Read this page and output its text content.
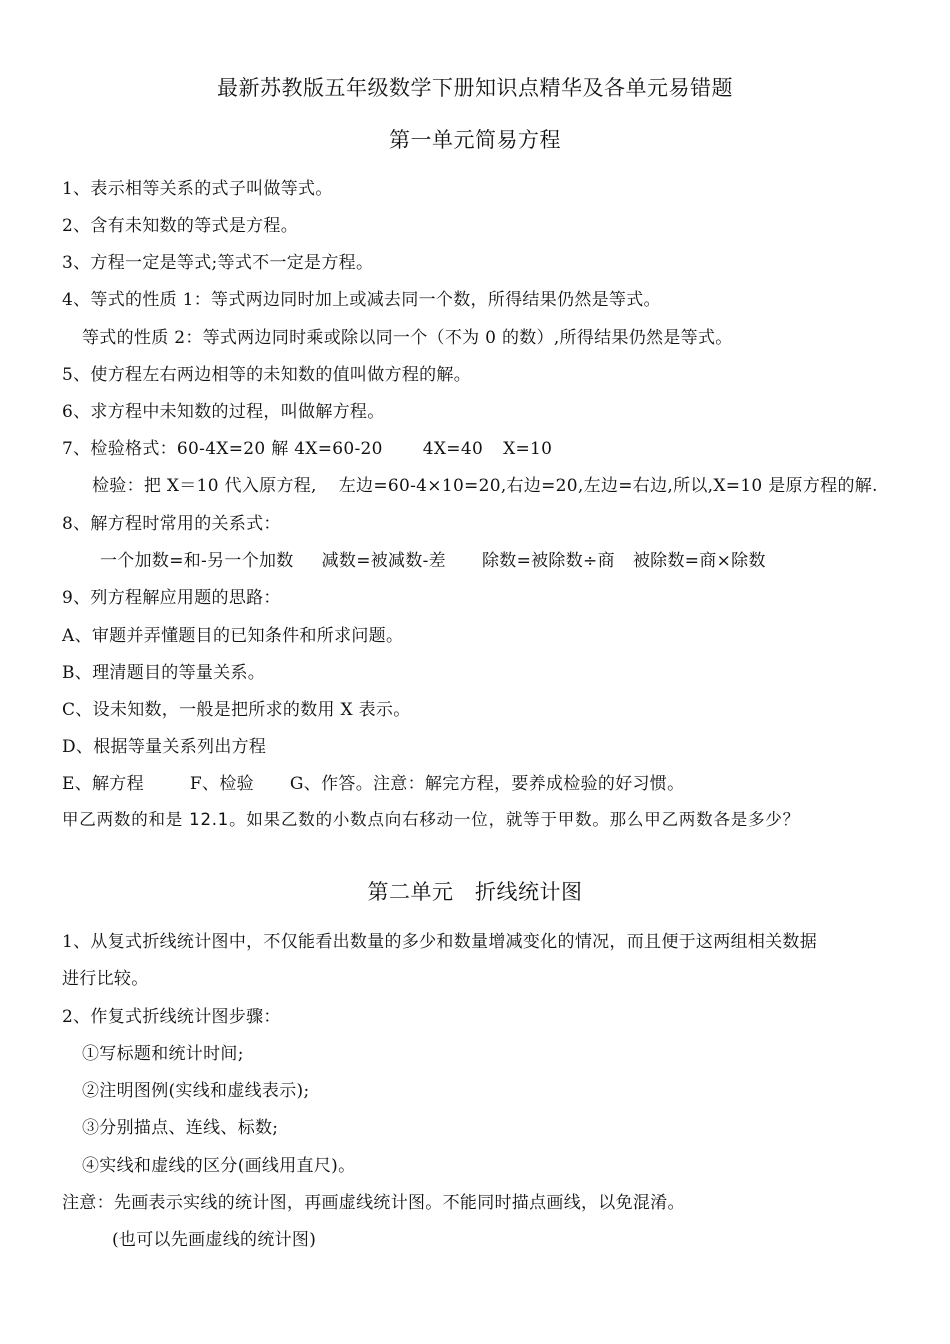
最新苏教版五年级数学下册知识点精华及各单元易错题
第一单元简易方程
1、表示相等关系的式子叫做等式。
2、含有未知数的等式是方程。
3、方程一定是等式;等式不一定是方程。
4、等式的性质 1：等式两边同时加上或减去同一个数，所得结果仍然是等式。
等式的性质 2：等式两边同时乘或除以同一个（不为 0 的数）,所得结果仍然是等式。
5、使方程左右两边相等的未知数的值叫做方程的解。
6、求方程中未知数的过程，叫做解方程。
7、检验格式：60-4X=20 解 4X=60-20 4X=40 X=10
检验：把 X＝10 代入原方程, 左边=60-4×10=20,右边=20,左边=右边,所以,X=10 是原方程的解.
8、解方程时常用的关系式：
一个加数=和-另一个加数 减数=被减数-差 除数=被除数÷商 被除数=商×除数
9、列方程解应用题的思路：
A、审题并弄懂题目的已知条件和所求问题。
B、理清题目的等量关系。
C、设未知数，一般是把所求的数用 X 表示。
D、根据等量关系列出方程
E、解方程	F、检验 G、作答。注意：解完方程，要养成检验的好习惯。
甲乙两数的和是 12.1。如果乙数的小数点向右移动一位，就等于甲数。那么甲乙两数各是多少？
第二单元　折线统计图
1、从复式折线统计图中，不仅能看出数量的多少和数量增减变化的情况，而且便于这两组相关数据
进行比较。
2、作复式折线统计图步骤：
①写标题和统计时间;
②注明图例(实线和虚线表示);
③分别描点、连线、标数;
④实线和虚线的区分(画线用直尺)。
注意：先画表示实线的统计图，再画虚线统计图。不能同时描点画线，以免混淆。
(也可以先画虚线的统计图)
